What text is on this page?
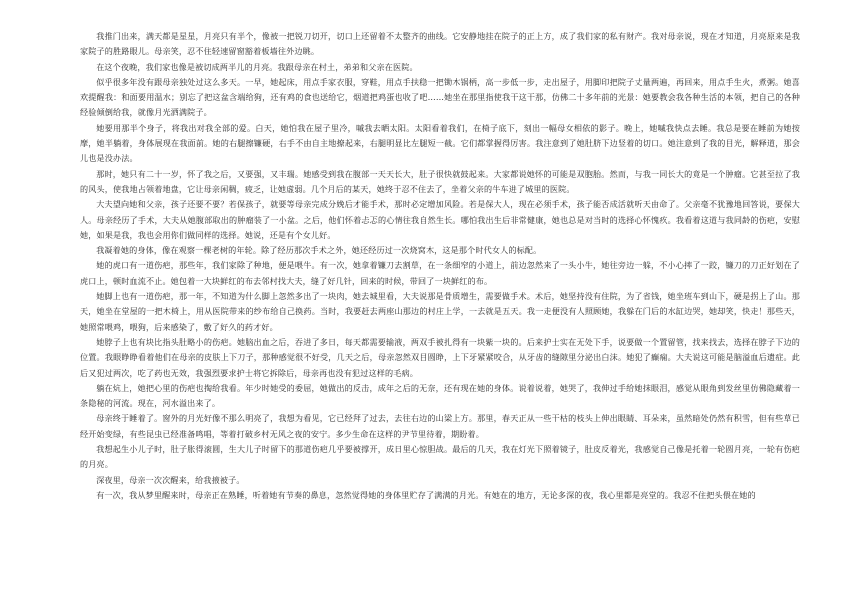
我推门出来，满天都是星星，月亮只有半个，像被一把锐刀切开，切口上还留着不太整齐的曲线。它安静地挂在院子的正上方，成了我们家的私有财产。我对母亲说，现在才知道，月亮原来是我家院子的胜路眼儿。母亲笑，忍不住轻速留窗豁着板墙往外边眺。

在这个夜晚，我们家也像是被切成两半儿的月亮。我跟母亲在村土，弟弟和父亲在医院。

似乎很多年没有跟母亲独处过这么多天。一早，她起床，用点手家衣服，穿鞋，用点手扶稳一把锄木锅柄，高一步低一步，走出屋子，用脚印把院子丈量两遍，再回来，用点手生火，煮粥。她喜欢提醒我：和面要用温水；别忘了把这盆含端给狗，还有鸡的食也送给它，烟道把鸡蛋也收了吧……她坐在那里指使我干这干那，仿佛二十多年前的光景：她要教会我各种生活的本领，把自己的各种经验倾倒给我，就像月光洒满院子。

她要用那半个身子，将我出对我全部的爱。白天，她怕我在屋子里冷，嘁我去晒太阳。太阳看着我们，在椅子底下，刻出一幅母女相依的影子。晚上，她嘁我快点去睡。我总是要在睡前为她按摩，她半躺着，身体展现在我面前。她的右腿擦镰硬，右手不由自主地撩起来，右腿明显比左腿短一截。它们都掌握得厉害。我注意到了她肚脐下边竖着的切口。她注意到了我的目光，解释道，那会儿也是没办法。

那时，她只有二十一岁，怀了我之后，又要强，又丰瑞。她感受到我在腹部一天天长大，肚子很快就鼓起来。大家都说她怀的可能是双胞胎。然而，与我一同长大的竟是一个肿瘤。它甚至拉了我的风头，使我地占领着地盘，它让母亲闲稠，疲乏，让她虚弱。几个月后的某天，她终于忍不住去了，坐着父亲的牛车进了城里的医院。

大夫望向她和父亲，孩子还要不要？若保孩子，就要等母亲完成分娩后才能手术，那时必定增加风险。若是保大人，现在必须手术，孩子能否成活就听天由命了。父亲毫不犹豫地回答说，要保大人。母亲经历了手术，大夫从她腹部取出的肿瘤装了一小盆。之后，他们怀着忐忑的心情往我自然生长。哪怕我出生后非常健康，她也总是对当时的选择心怀愧疚。我看着这道与我同龄的伤疤，安慰她，如果是我，我也会用你们做同样的选择。她说，还是有个女儿好。

我凝着她的身体，像在观察一棵老树的年轮。除了经历那次手术之外，她还经历过一次烧窝木，这是那个时代女人的标配。

她的虎口有一道伤疤，那些年，我们家除了种地，便是喂牛。有一次，她拿着镰刀去割草，在一条细窄的小道上，前边忽然来了一头小牛，她往旁边一躲，不小心摔了一跤，镰刀的刀正好划在了虎口上，顿时血流不止。她包着一大块鲜红的布去邻村找大夫，缝了好几针，回来的时候，带回了一块鲜红的布。

她脚上也有一道伤疤，那一年，不知道为什么脚上忽然多出了一块肉，她去城里看，大夫说那是骨质增生，需要做手术。术后，她坚持没有住院，为了省钱，她坐班车到山下，硬是拐上了山。那天，她坐在堂屋的一把木椅上，用从医院带来的纱布给自己换药。当时，我要赶去两座山那边的村庄上学，一去就是五天。我一走便没有人照顾她，我躲在门后的水缸边哭，她却笑，快走！那些天，她照常喂鸡，喂狗，后来感染了，敷了好久的药才好。

她脖子上也有块比指头肚略小的伤疤。她脑出血之后，吞进了多日，每天都需要输液，两双手被扎得有一块紫一块的。后来护士实在无处下手，说要做一个置留管，找来找去，选择在脖子下边的位置。我眼睁睁看着他们在母亲的皮肤上下刀子，那种感觉很不好受，几天之后，母亲忽然双目圆睁，上下牙紧紧咬合，从牙齿的缝隙里分泌出白沫。她犯了癫痫。大夫说这可能是脑溢血后遗症。此后又犯过两次，吃了药也无效，我强烈要求护士将它拆除后，母亲再也没有犯过这样的毛病。

躺在炕上，她把心里的伤疤也掏给我看。年少时她受的委屈，她做出的反击，成年之后的无奈，还有现在她的身体。说着说着，她哭了，我伸过手给她抹眼泪，感觉从眼角到发丝里仿佛隐藏着一条隐秘的河流。现在，河水溢出来了。

母亲终于睡着了。窗外的月光好像不那么明亮了，我想为看见，它已经拜了过去，去往右边的山梁上方。那里，春天正从一些干枯的枝头上伸出眼睛、耳朵来，虽然暗处仍然有积雪，但有些草已经开始变绿，有些昆虫已经准备鸣唱，等着打破乡村无风之夜的安宁。多少生命在这样的尹节里待着，期盼着。

我想起生小儿子时，肚子胀得滚圆，生大儿子时留下的那道伤疤几乎要被撑开，成日里心惊胆战。最后的几天，我在灯光下照着镜子，肚皮反着光，我感觉自己像是托着一轮圆月亮，一轮有伤疤的月亮。

深夜里，母亲一次次醒来，给我掖被子。

有一次，我从梦里醒来时，母亲正在熟睡，听着她有节奏的鼻息，忽然觉得她的身体里贮存了满满的月光。有她在的地方，无论多深的夜，我心里都是亮堂的。我忍不住把头偎在她的
